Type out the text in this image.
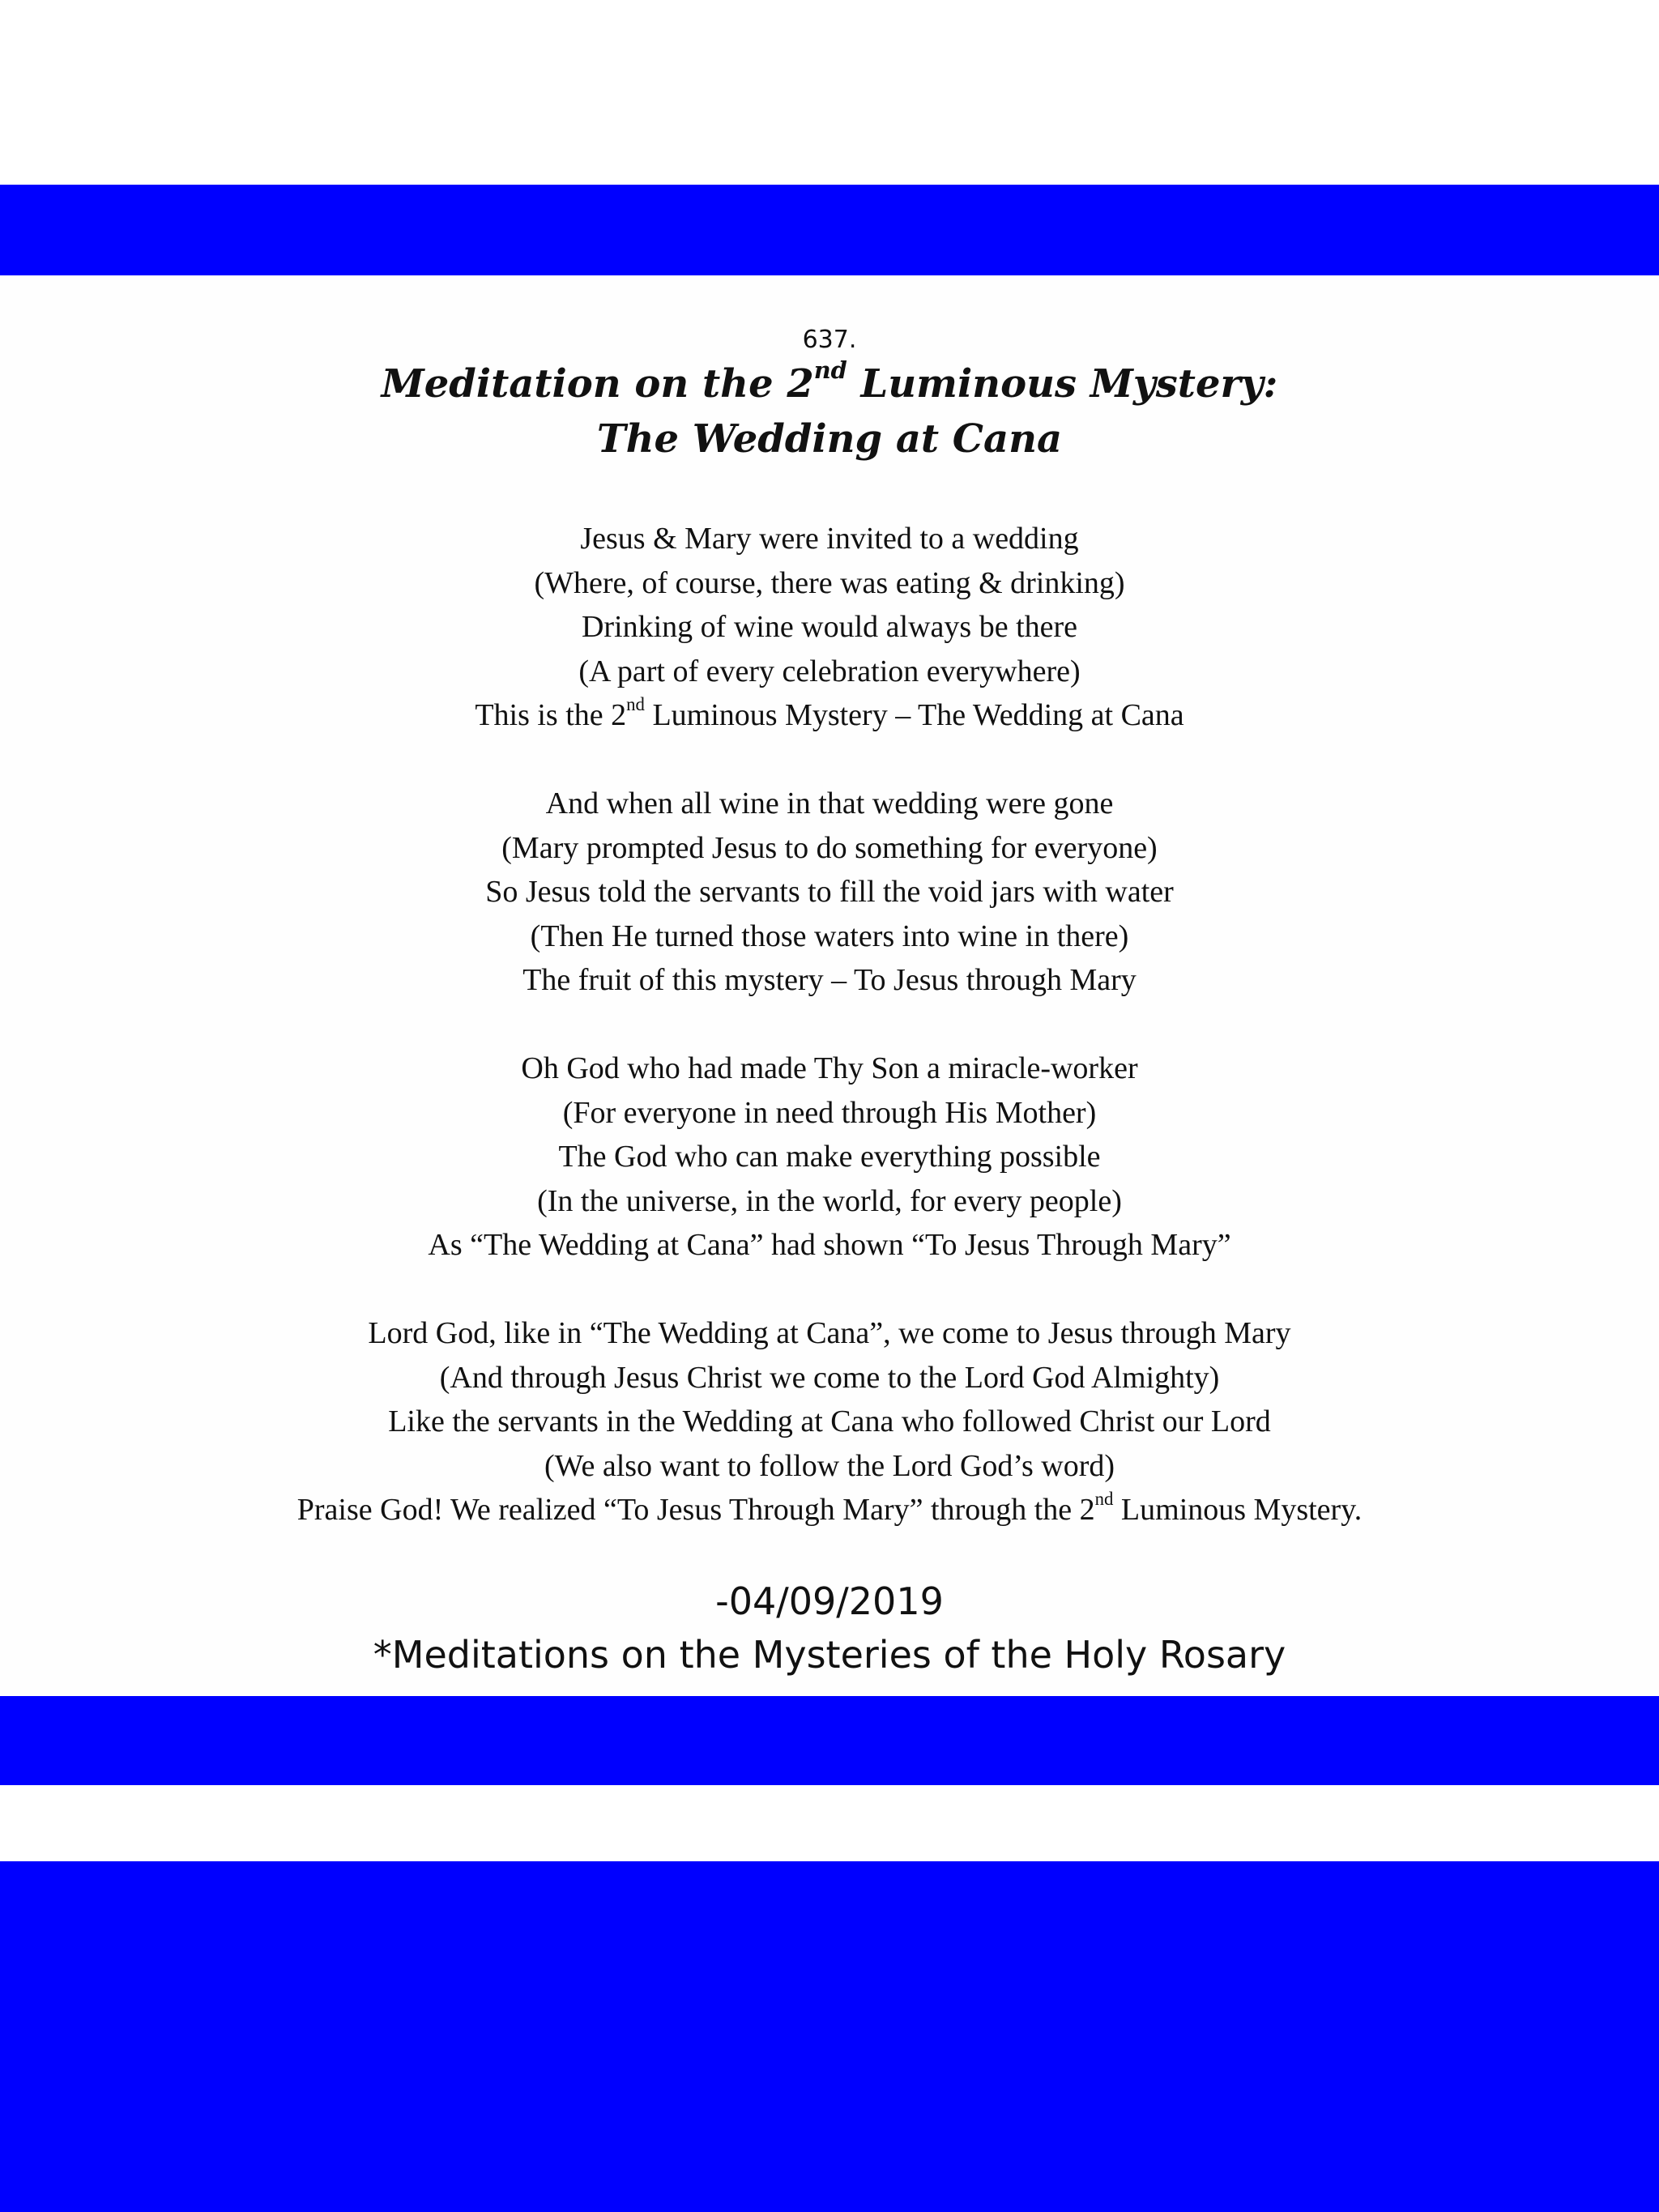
637.
Meditation on the 2nd Luminous Mystery:
The Wedding at Cana
Jesus & Mary were invited to a wedding
(Where, of course, there was eating & drinking)
Drinking of wine would always be there
(A part of every celebration everywhere)
This is the 2nd Luminous Mystery – The Wedding at Cana
And when all wine in that wedding were gone
(Mary prompted Jesus to do something for everyone)
So Jesus told the servants to fill the void jars with water
(Then He turned those waters into wine in there)
The fruit of this mystery – To Jesus through Mary
Oh God who had made Thy Son a miracle-worker
(For everyone in need through His Mother)
The God who can make everything possible
(In the universe, in the world, for every people)
As “The Wedding at Cana” had shown “To Jesus Through Mary”
Lord God, like in “The Wedding at Cana”, we come to Jesus through Mary
(And through Jesus Christ we come to the Lord God Almighty)
Like the servants in the Wedding at Cana who followed Christ our Lord
(We also want to follow the Lord God’s word)
Praise God! We realized “To Jesus Through Mary” through the 2nd Luminous Mystery.
-04/09/2019
*Meditations on the Mysteries of the Holy Rosary
